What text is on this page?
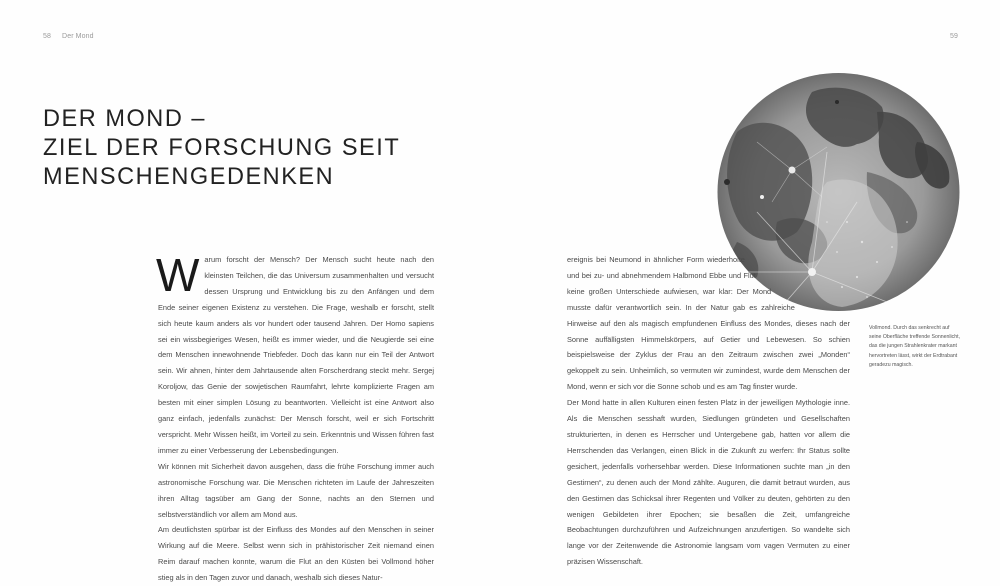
58 Der Mond
DER MOND –
ZIEL DER FORSCHUNG SEIT
MENSCHENGEDENKEN

Warum forscht der Mensch? Der Mensch sucht heute nach den kleinsten Teilchen, die das Universum zusammenhalten und versucht dessen Ursprung und Entwicklung bis zu den Anfängen und dem Ende seiner eigenen Existenz zu verstehen. Die Frage, weshalb er forscht, stellt sich heute kaum anders als vor hundert oder tausend Jahren. Der Homo sapiens sei ein wissbegieriges Wesen, heißt es immer wieder, und die Neugierde sei eine dem Menschen innewohnende Triebfeder. Doch das kann nur ein Teil der Antwort sein. Wir ahnen, hinter dem Jahrtausende alten Forscherdrang steckt mehr. Sergej Koroljow, das Genie der sowjetischen Raumfahrt, lehrte komplizierte Fragen am besten mit einer simplen Lösung zu beantworten. Vielleicht ist eine Antwort also ganz einfach, jedenfalls zunächst: Der Mensch forscht, weil er sich Fortschritt verspricht. Mehr Wissen heißt, im Vorteil zu sein. Erkenntnis und Wissen führen fast immer zu einer Verbesserung der Lebensbedingungen.

Wir können mit Sicherheit davon ausgehen, dass die frühe Forschung immer auch astronomische Forschung war. Die Menschen richteten im Laufe der Jahreszeiten ihren Alltag tagsüber am Gang der Sonne, nachts an den Sternen und selbstverständlich vor allem am Mond aus.

Am deutlichsten spürbar ist der Einfluss des Mondes auf den Menschen in seiner Wirkung auf die Meere. Selbst wenn sich in prähistorischer Zeit niemand einen Reim darauf machen konnte, warum die Flut an den Küsten bei Vollmond höher stieg als in den Tagen zuvor und danach, weshalb sich dieses Natur-

59

ereignis bei Neumond in ähnlicher Form wiederholte und bei zu- und abnehmendem Halbmond Ebbe und Flut keine großen Unterschiede aufwiesen, war klar: Der Mond musste dafür verantwortlich sein. In der Natur gab es zahlreiche Hinweise auf den als magisch empfundenen Einfluss des Mondes, dieses nach der Sonne auffälligsten Himmelskörpers, auf Getier und Lebewesen. So schien beispielsweise der Zyklus der Frau an den Zeitraum zwischen zwei „Monden“ gekoppelt zu sein. Unheimlich, so vermuten wir zumindest, wurde dem Menschen der Mond, wenn er sich vor die Sonne schob und es am Tag finster wurde.

Der Mond hatte in allen Kulturen einen festen Platz in der jeweiligen Mythologie inne. Als die Menschen sesshaft wurden, Siedlungen gründeten und Gesellschaften strukturierten, in denen es Herrscher und Untergebene gab, hatten vor allem die Herrschenden das Verlangen, einen Blick in die Zukunft zu werfen: Ihr Status sollte gesichert, jedenfalls vorhersehbar werden. Diese Informationen suchte man „in den Gestirnen“, zu denen auch der Mond zählte. Auguren, die damit betraut wurden, aus den Gestirnen das Schicksal ihrer Regenten und Völker zu deuten, gehörten zu den wenigen Gebildeten ihrer Epochen; sie besaßen die Zeit, umfangreiche Beobachtungen durchzuführen und Aufzeichnungen anzufertigen. So wandelte sich lange vor der Zeitenwende die Astronomie langsam vom vagen Vermuten zu einer präzisen Wissenschaft.

Vollmond. Durch das senkrecht auf seine Oberfläche treffende Sonnenlicht, das die jungen Strahlenkrater markant hervortreten lässt, wirkt der Erdtrabant geradezu magisch.
